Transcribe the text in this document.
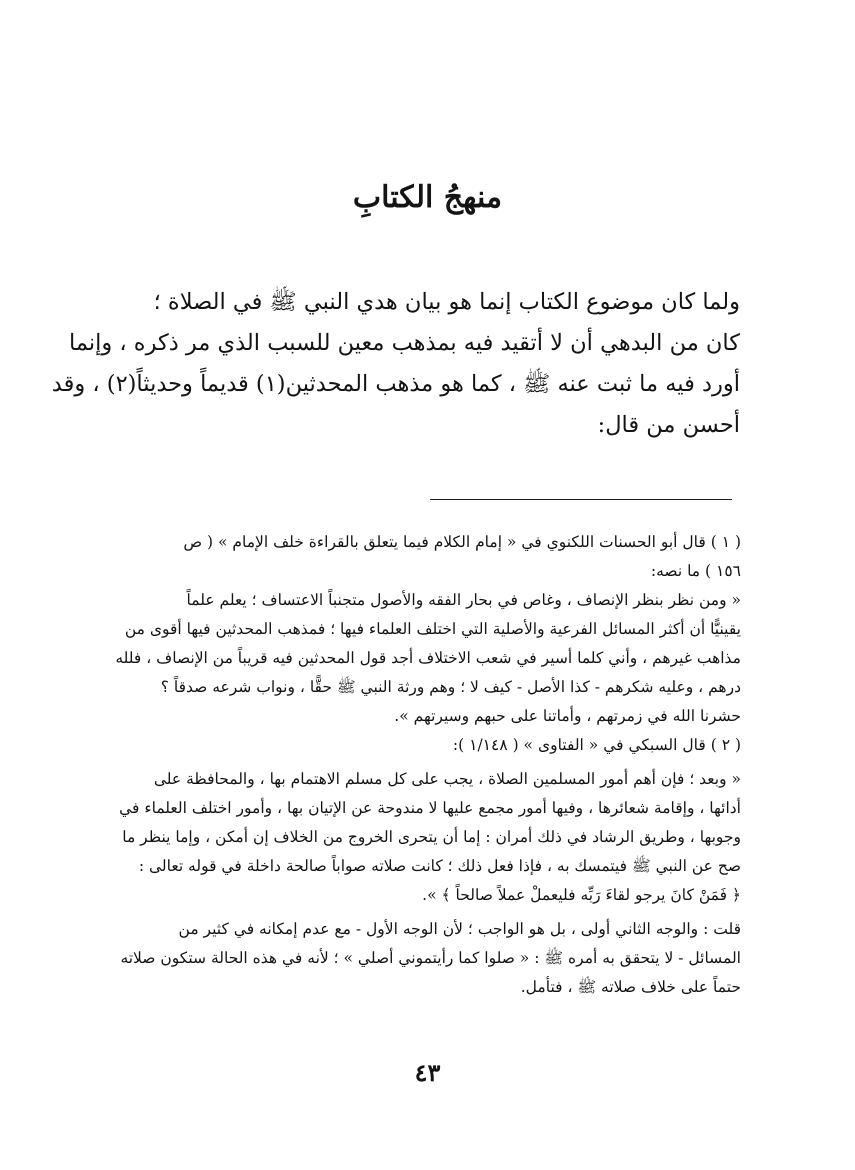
منهجُ الكتابِ
ولما كان موضوع الكتاب إنما هو بيان هدي النبي ﷺ في الصلاة ؛
كان من البدهي أن لا أتقيد فيه بمذهب معين للسبب الذي مر ذكره ، وإنما
أورد فيه ما ثبت عنه ﷺ ، كما هو مذهب المحدثين(١) قديماً وحديثاً(٢) ، وقد
أحسن من قال:
( ١ ) قال أبو الحسنات اللكنوي في « إمام الكلام فيما يتعلق بالقراءة خلف الإمام » ( ص
١٥٦ ) ما نصه:
« ومن نظر بنظر الإنصاف ، وغاص في بحار الفقه والأصول متجنباً الاعتساف ؛ يعلم علماً
يقينيًّا أن أكثر المسائل الفرعية والأصلية التي اختلف العلماء فيها ؛ فمذهب المحدثين فيها أقوى من
مذاهب غيرهم ، وأني كلما أسير في شعب الاختلاف أجد قول المحدثين فيه قريباً من الإنصاف ، فلله
درهم ، وعليه شكرهم - كذا الأصل - كيف لا ؛ وهم ورثة النبي ﷺ حقًّا ، ونواب شرعه صدقاً ؟
حشرنا الله في زمرتهم ، وأماتنا على حبهم وسيرتهم ».
( ٢ ) قال السبكي في « الفتاوى » ( ١/١٤٨ ):
« وبعد ؛ فإن أهم أمور المسلمين الصلاة ، يجب على كل مسلم الاهتمام بها ، والمحافظة على
أدائها ، وإقامة شعائرها ، وفيها أمور مجمع عليها لا مندوحة عن الإتيان بها ، وأمور اختلف العلماء في
وجوبها ، وطريق الرشاد في ذلك أمران : إما أن يتحرى الخروج من الخلاف إن أمكن ، وإما ينظر ما
صح عن النبي ﷺ فيتمسك به ، فإذا فعل ذلك ؛ كانت صلاته صواباً صالحة داخلة في قوله تعالى :
﴿ فَمَنْ كانَ يرجو لقاءَ رَبِّه فليعملْ عملاً صالحاً ﴾ ».
قلت : والوجه الثاني أولى ، بل هو الواجب ؛ لأن الوجه الأول - مع عدم إمكانه في كثير من
المسائل - لا يتحقق به أمره ﷺ : « صلوا كما رأيتموني أصلي » ؛ لأنه في هذه الحالة ستكون صلاته
حتماً على خلاف صلاته ﷺ ، فتأمل.
٤٣
